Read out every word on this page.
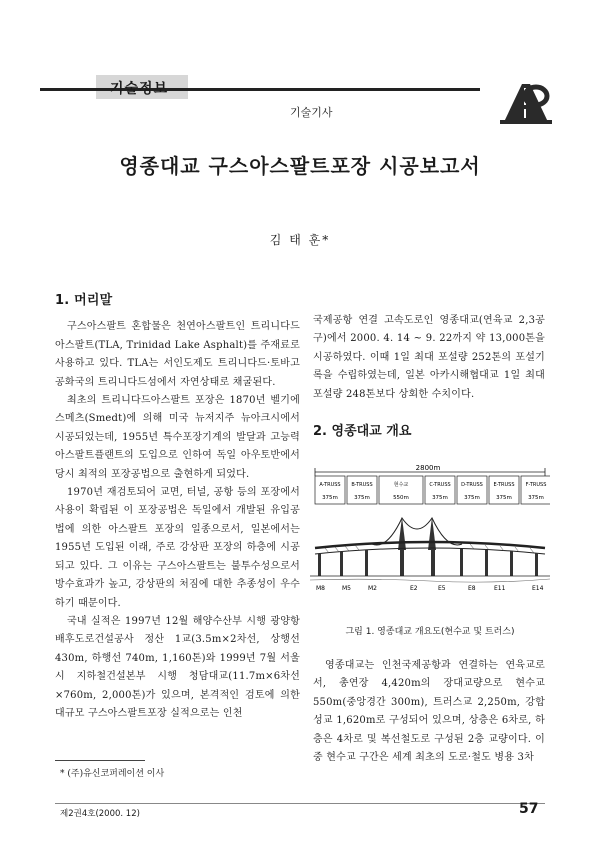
기술정보
기술기사
영종대교 구스아스팔트포장 시공보고서
김 태 훈*
1. 머리말

구스아스팔트 혼합물은 천연아스팔트인 트리니다드아스팔트(TLA, Trinidad Lake Asphalt)를 주재료로 사용하고 있다. TLA는 서인도제도 트리니다드·토바고 공화국의 트리니다드섬에서 자연상태로 채굴된다.

최초의 트리니다드아스팔트 포장은 1870년 벨기에 스메츠(Smedt)에 의해 미국 뉴저지주 뉴아크시에서 시공되었는데, 1955년 특수포장기계의 발달과 고능력 아스팔트플랜트의 도입으로 인하여 독일 아우토반에서 당시 최적의 포장공법으로 출현하게 되었다.

1970년 재검토되어 교면, 터널, 공항 등의 포장에서 사용이 확립된 이 포장공법은 독일에서 개발된 유입공법에 의한 아스팔트 포장의 일종으로서, 일본에서는 1955년 도입된 이래, 주로 강상판 포장의 하층에 시공되고 있다. 그 이유는 구스아스팔트는 불투수성으로서 방수효과가 높고, 강상판의 처짐에 대한 추종성이 우수하기 때문이다.

국내 실적은 1997년 12월 해양수산부 시행 광양항 배후도로건설공사 정산 1교(3.5m×2차선, 상행선 430m, 하행선 740m, 1,160톤)와 1999년 7월 서울시 지하철건설본부 시행 청담대교(11.7m×6차선×760m, 2,000톤)가 있으며, 본격적인 검토에 의한 대규모 구스아스팔트포장 실적으로는 인천

국제공항 연결 고속도로인 영종대교(연육교 2,3공구)에서 2000. 4. 14 ~ 9. 22까지 약 13,000톤을 시공하였다. 이때 1일 최대 포설량 252톤의 포설기록을 수립하였는데, 일본 아카시해협대교 1일 최대 포설량 248톤보다 상회한 수치이다.

2. 영종대교 개요
2800m
A-TRUSS
375m
B-TRUSS
375m
현수교
550m
C-TRUSS
375m
D-TRUSS
375m
E-TRUSS
375m
F-TRUSS
375m
M8	M5	M2	E2	E5	E8	E11	E14
그림 1. 영종대교 개요도(현수교 및 트러스)

영종대교는 인천국제공항과 연결하는 연육교로서, 총연장 4,420m의 장대교량으로 현수교 550m(중앙경간 300m), 트러스교 2,250m, 강합성교 1,620m로 구성되어 있으며, 상층은 6차로, 하층은 4차로 및 복선철도로 구성된 2층 교량이다. 이중 현수교 구간은 세계 최초의 도로·철도 병용 3차

* (주)유신코퍼레이션 이사
제2권4호(2000. 12)	57
